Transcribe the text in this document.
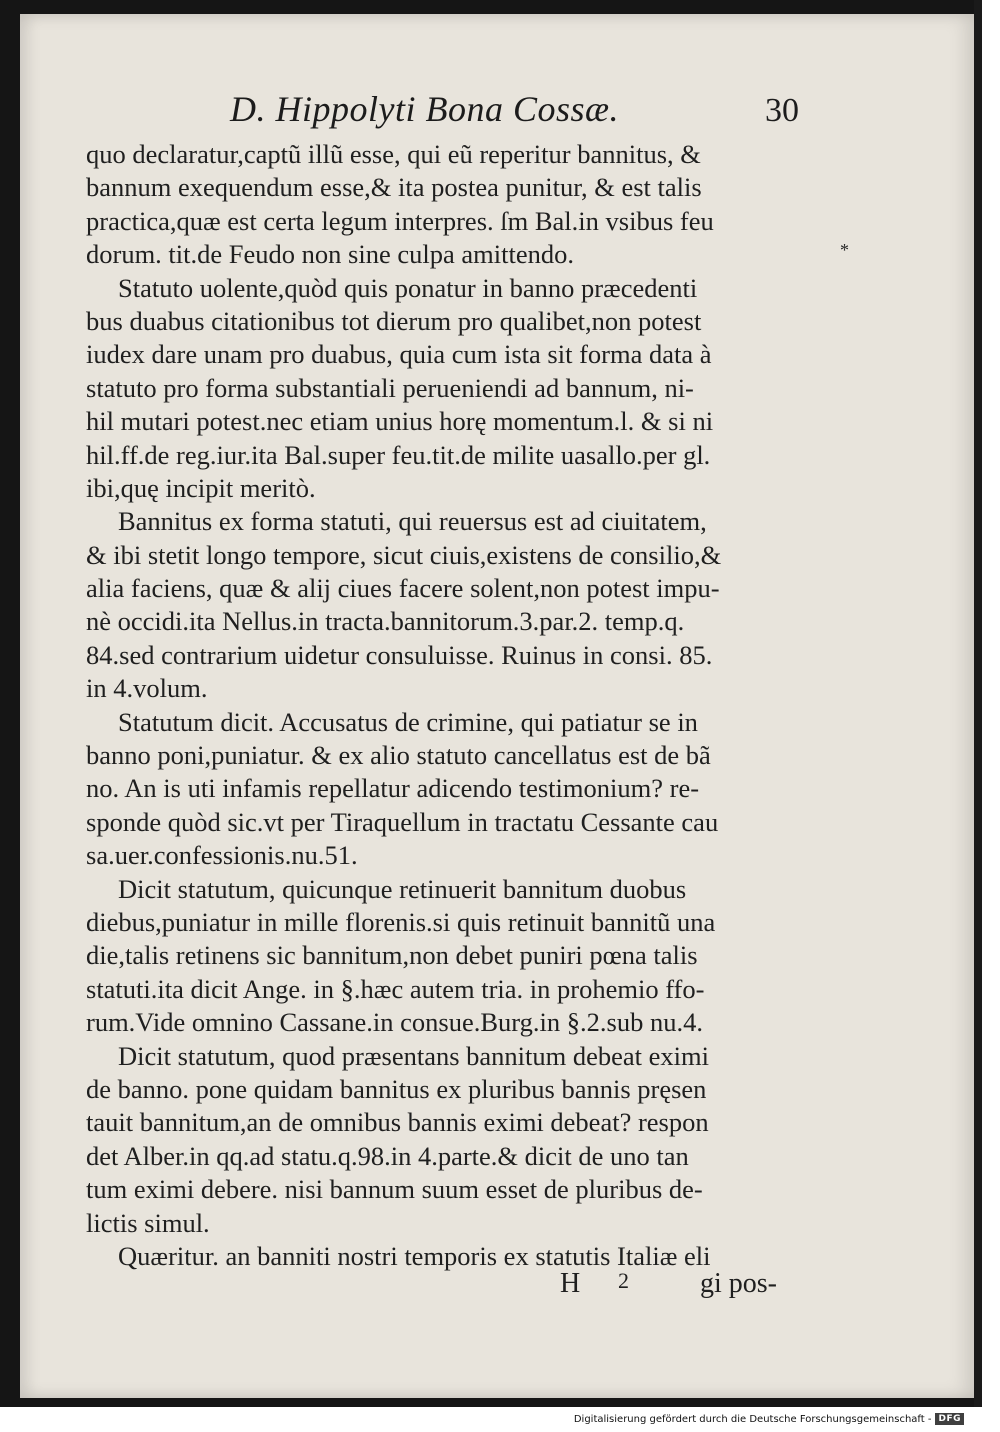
D. Hippolyti Bona Cossæ.	30
*
quo declaratur,captũ illũ esse, qui eũ reperitur bannitus, &
bannum exequendum esse,& ita postea punitur, & est talis
practica,quæ est certa legum interpres. ſm Bal.in vsibus feu
dorum. tit.de Feudo non sine culpa amittendo.
Statuto uolente,quòd quis ponatur in banno præcedenti
bus duabus citationibus tot dierum pro qualibet,non potest
iudex dare unam pro duabus, quia cum ista sit forma data à
statuto pro forma substantiali perueniendi ad bannum, ni-
hil mutari potest.nec etiam unius horę momentum.l. & si ni
hil.ff.de reg.iur.ita Bal.super feu.tit.de milite uasallo.per gl.
ibi,quę incipit meritò.
Bannitus ex forma statuti, qui reuersus est ad ciuitatem,
& ibi stetit longo tempore, sicut ciuis,existens de consilio,&
alia faciens, quæ & alij ciues facere solent,non potest impu-
nè occidi.ita Nellus.in tracta.bannitorum.3.par.2. temp.q.
84.sed contrarium uidetur consuluisse. Ruinus in consi. 85.
in 4.volum.
Statutum dicit. Accusatus de crimine, qui patiatur se in
banno poni,puniatur. & ex alio statuto cancellatus est de bã
no. An is uti infamis repellatur adicendo testimonium? re-
sponde quòd sic.vt per Tiraquellum in tractatu Cessante cau
sa.uer.confessionis.nu.51.
Dicit statutum, quicunque retinuerit bannitum duobus
diebus,puniatur in mille florenis.si quis retinuit bannitũ una
die,talis retinens sic bannitum,non debet puniri pœna talis
statuti.ita dicit Ange. in §.hæc autem tria. in prohemio ffo-
rum.Vide omnino Cassane.in consue.Burg.in §.2.sub nu.4.
Dicit statutum, quod præsentans bannitum debeat eximi
de banno. pone quidam bannitus ex pluribus bannis pręsen
tauit bannitum,an de omnibus bannis eximi debeat? respon
det Alber.in qq.ad statu.q.98.in 4.parte.& dicit de uno tan
tum eximi debere. nisi bannum suum esset de pluribus de-
lictis simul.
Quæritur. an banniti nostri temporis ex statutis Italiæ eli
H 2	gi pos-
Digitalisierung gefördert durch die Deutsche Forschungsgemeinschaft - DFG
